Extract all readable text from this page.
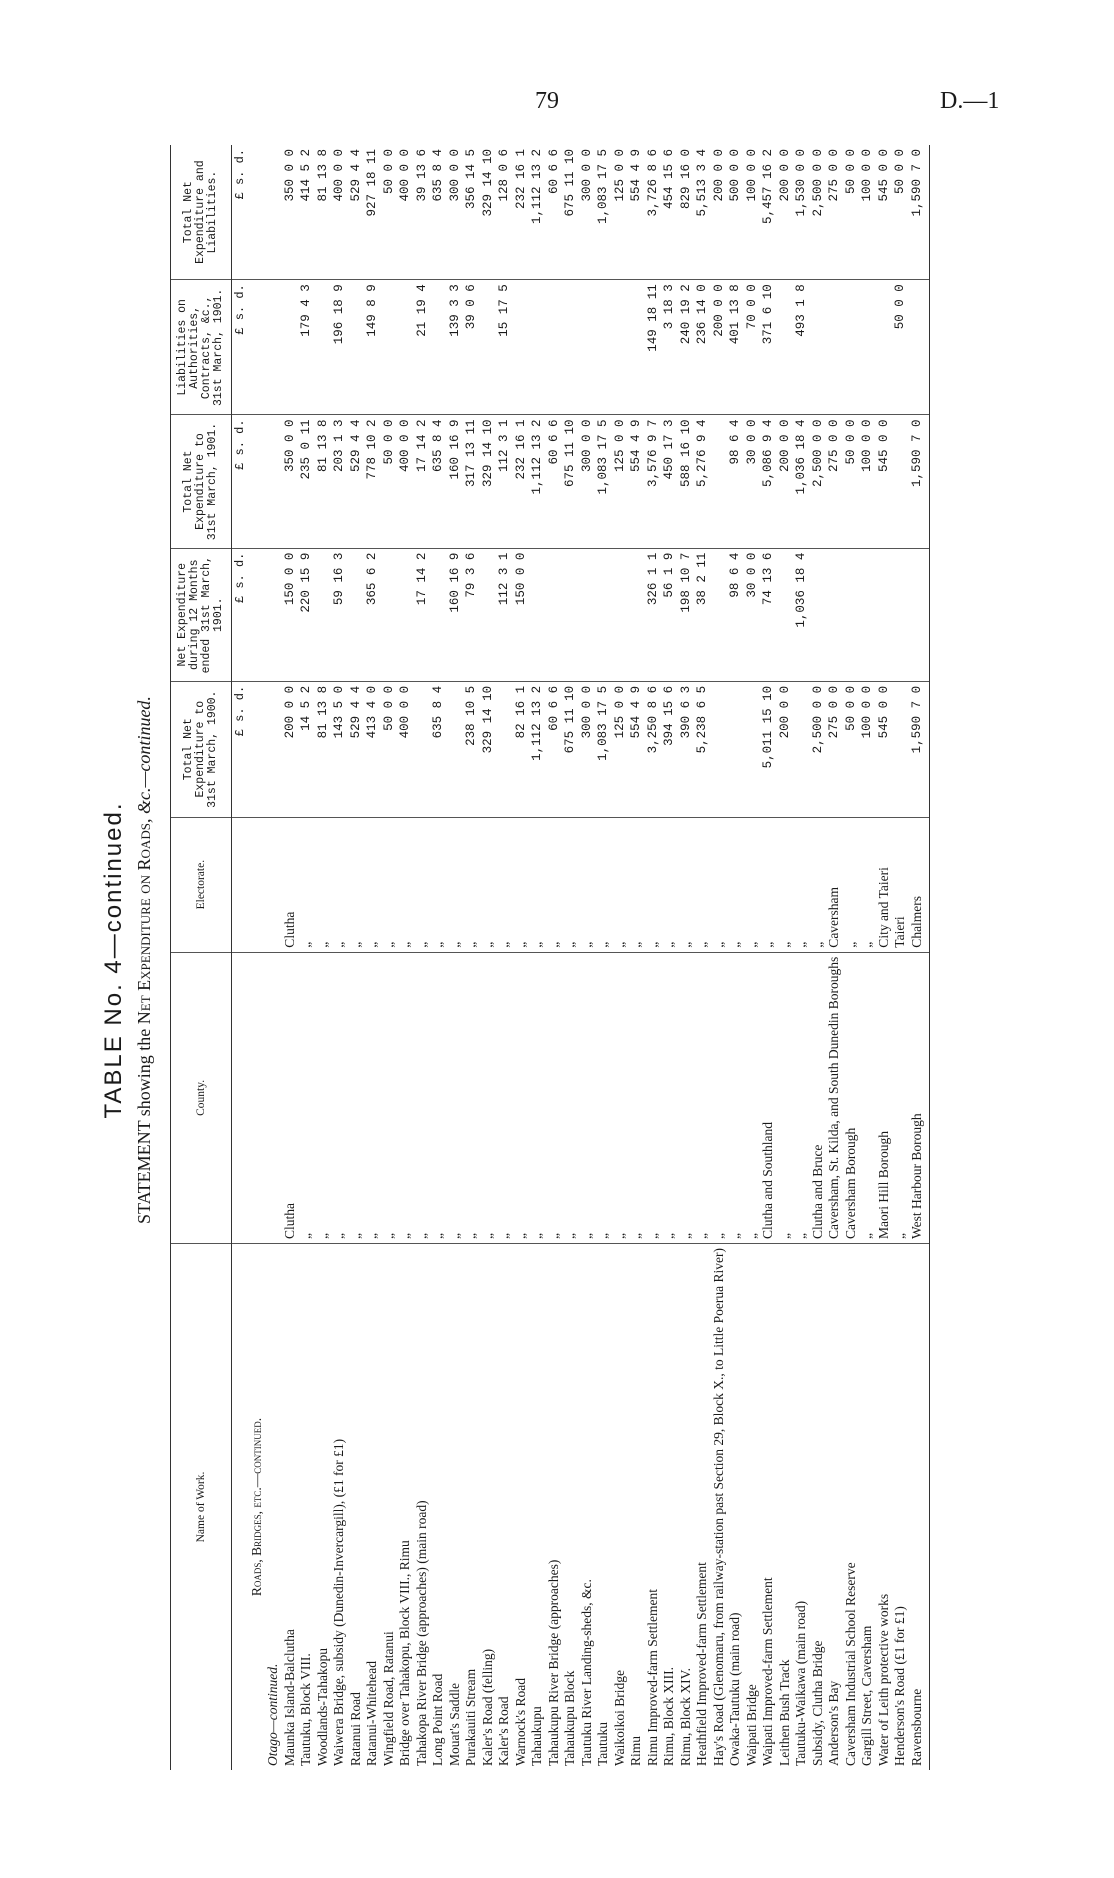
79	D.—1
TABLE No. 4—continued.
STATEMENT showing the Net Expenditure on Roads, &c.—continued.
Name of Work.	County.	Electorate.	Total Net Expenditure to 31st March, 1900.	Net Expenditure during 12 Months ended 31st March, 1901.	Total Net Expenditure to 31st March, 1901.	Liabilities on Authorities, Contracts, &c., 31st March, 1901.	Total Net Expenditure and Liabilities.
			£ s. d.	£ s. d.	£ s. d.	£ s. d.	£ s. d.
Roads, Bridges, etc.—continued.							
Otago—continued.							
Maunka Island-Balclutha	Clutha	Clutha	200 0 0	150 0 0	350 0 0		350 0 0
Tautuku, Block VIII.	„	„	14 5 2	220 15 9	235 0 11	179 4 3	414 5 2
Woodlands-Tahakopu	„	„	81 13 8		81 13 8		81 13 8
Waiwera Bridge, subsidy (Dunedin-Invercargill), (£1 for £1)	„	„	143 5 0	59 16 3	203 1 3	196 18 9	400 0 0
Ratanui Road	„	„	529 4 4		529 4 4		529 4 4
Ratanui-Whitehead	„	„	413 4 0	365 6 2	778 10 2	149 8 9	927 18 11
Wingfield Road, Ratanui	„	„	50 0 0		50 0 0		50 0 0
Bridge over Tahakopu, Block VIII., Rimu	„	„	400 0 0		400 0 0		400 0 0
Tahakopa River Bridge (approaches) (main road)	„	„		17 14 2	17 14 2	21 19 4	39 13 6
Long Point Road	„	„	635 8 4		635 8 4		635 8 4
Mouat's Saddle	„	„		160 16 9	160 16 9	139 3 3	300 0 0
Purakauiti Stream	„	„	238 10 5	79 3 6	317 13 11	39 0 6	356 14 5
Kaler's Road (felling)	„	„	329 14 10		329 14 10		329 14 10
Kaler's Road	„	„		112 3 1	112 3 1	15 17 5	128 0 6
Warnock's Road	„	„	82 16 1	150 0 0	232 16 1		232 16 1
Tahaukupu	„	„	1,112 13 2		1,112 13 2		1,112 13 2
Tahaukupu River Bridge (approaches)	„	„	60 6 6		60 6 6		60 6 6
Tahaukupu Block	„	„	675 11 10		675 11 10		675 11 10
Tautuku River Landing-sheds, &c.	„	„	300 0 0		300 0 0		300 0 0
Tautuku	„	„	1,083 17 5		1,083 17 5		1,083 17 5
Waikoikoi Bridge	„	„	125 0 0		125 0 0		125 0 0
Rimu	„	„	554 4 9		554 4 9		554 4 9
Rimu Improved-farm Settlement	„	„	3,250 8 6	326 1 1	3,576 9 7	149 18 11	3,726 8 6
Rimu, Block XIII.	„	„	394 15 6	56 1 9	450 17 3	3 18 3	454 15 6
Rimu, Block XIV.	„	„	390 6 3	198 10 7	588 16 10	240 19 2	829 16 0
Heathfield Improved-farm Settlement	„	„	5,238 6 5	38 2 11	5,276 9 4	236 14 0	5,513 3 4
Hay's Road (Glenomaru, from railway-station past Section 29, Block X., to Little Poerua River)	„	„				200 0 0	200 0 0
Owaka-Tautuku (main road)	„	„		98 6 4	98 6 4	401 13 8	500 0 0
Waipati Bridge	„	„		30 0 0	30 0 0	70 0 0	100 0 0
Waipati Improved-farm Settlement	Clutha and Southland	„	5,011 15 10	74 13 6	5,086 9 4	371 6 10	5,457 16 2
Leithen Bush Track	„	„	200 0 0		200 0 0		200 0 0
Tautuku-Waikawa (main road)	„	„		1,036 18 4	1,036 18 4	493 1 8	1,530 0 0
Subsidy, Clutha Bridge	Clutha and Bruce	„	2,500 0 0		2,500 0 0		2,500 0 0
Anderson's Bay	Caversham, St. Kilda, and South Dunedin Boroughs	Caversham	275 0 0		275 0 0		275 0 0
Caversham Industrial School Reserve	Caversham Borough	„	50 0 0		50 0 0		50 0 0
Gargill Street, Caversham	„	„	100 0 0		100 0 0		100 0 0
Water of Leith protective works	Maori Hill Borough	City and Taieri	545 0 0		545 0 0		545 0 0
Henderson's Road (£1 for £1)	„	Taieri				50 0 0	50 0 0
Ravensbourne	West Harbour Borough	Chalmers	1,590 7 0		1,590 7 0		1,590 7 0
